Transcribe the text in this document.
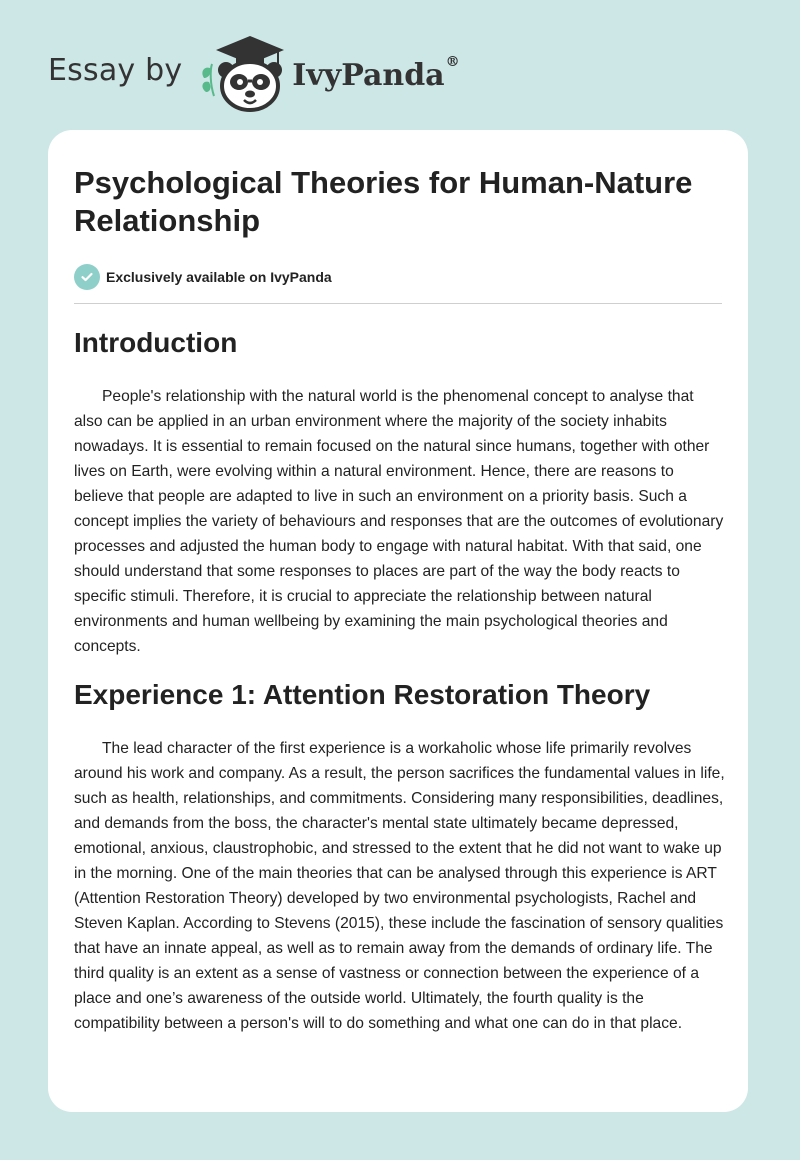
Essay by	IvyPanda®
Psychological Theories for Human-Nature Relationship
Exclusively available on IvyPanda
Introduction

People's relationship with the natural world is the phenomenal concept to analyse that also can be applied in an urban environment where the majority of the society inhabits nowadays. It is essential to remain focused on the natural since humans, together with other lives on Earth, were evolving within a natural environment. Hence, there are reasons to believe that people are adapted to live in such an environment on a priority basis. Such a concept implies the variety of behaviours and responses that are the outcomes of evolutionary processes and adjusted the human body to engage with natural habitat. With that said, one should understand that some responses to places are part of the way the body reacts to specific stimuli. Therefore, it is crucial to appreciate the relationship between natural environments and human wellbeing by examining the main psychological theories and concepts.

Experience 1: Attention Restoration Theory

The lead character of the first experience is a workaholic whose life primarily revolves around his work and company. As a result, the person sacrifices the fundamental values in life, such as health, relationships, and commitments. Considering many responsibilities, deadlines, and demands from the boss, the character's mental state ultimately became depressed, emotional, anxious, claustrophobic, and stressed to the extent that he did not want to wake up in the morning. One of the main theories that can be analysed through this experience is ART (Attention Restoration Theory) developed by two environmental psychologists, Rachel and Steven Kaplan. According to Stevens (2015), these include the fascination of sensory qualities that have an innate appeal, as well as to remain away from the demands of ordinary life. The third quality is an extent as a sense of vastness or connection between the experience of a place and one’s awareness of the outside world. Ultimately, the fourth quality is the compatibility between a person's will to do something and what one can do in that place.
